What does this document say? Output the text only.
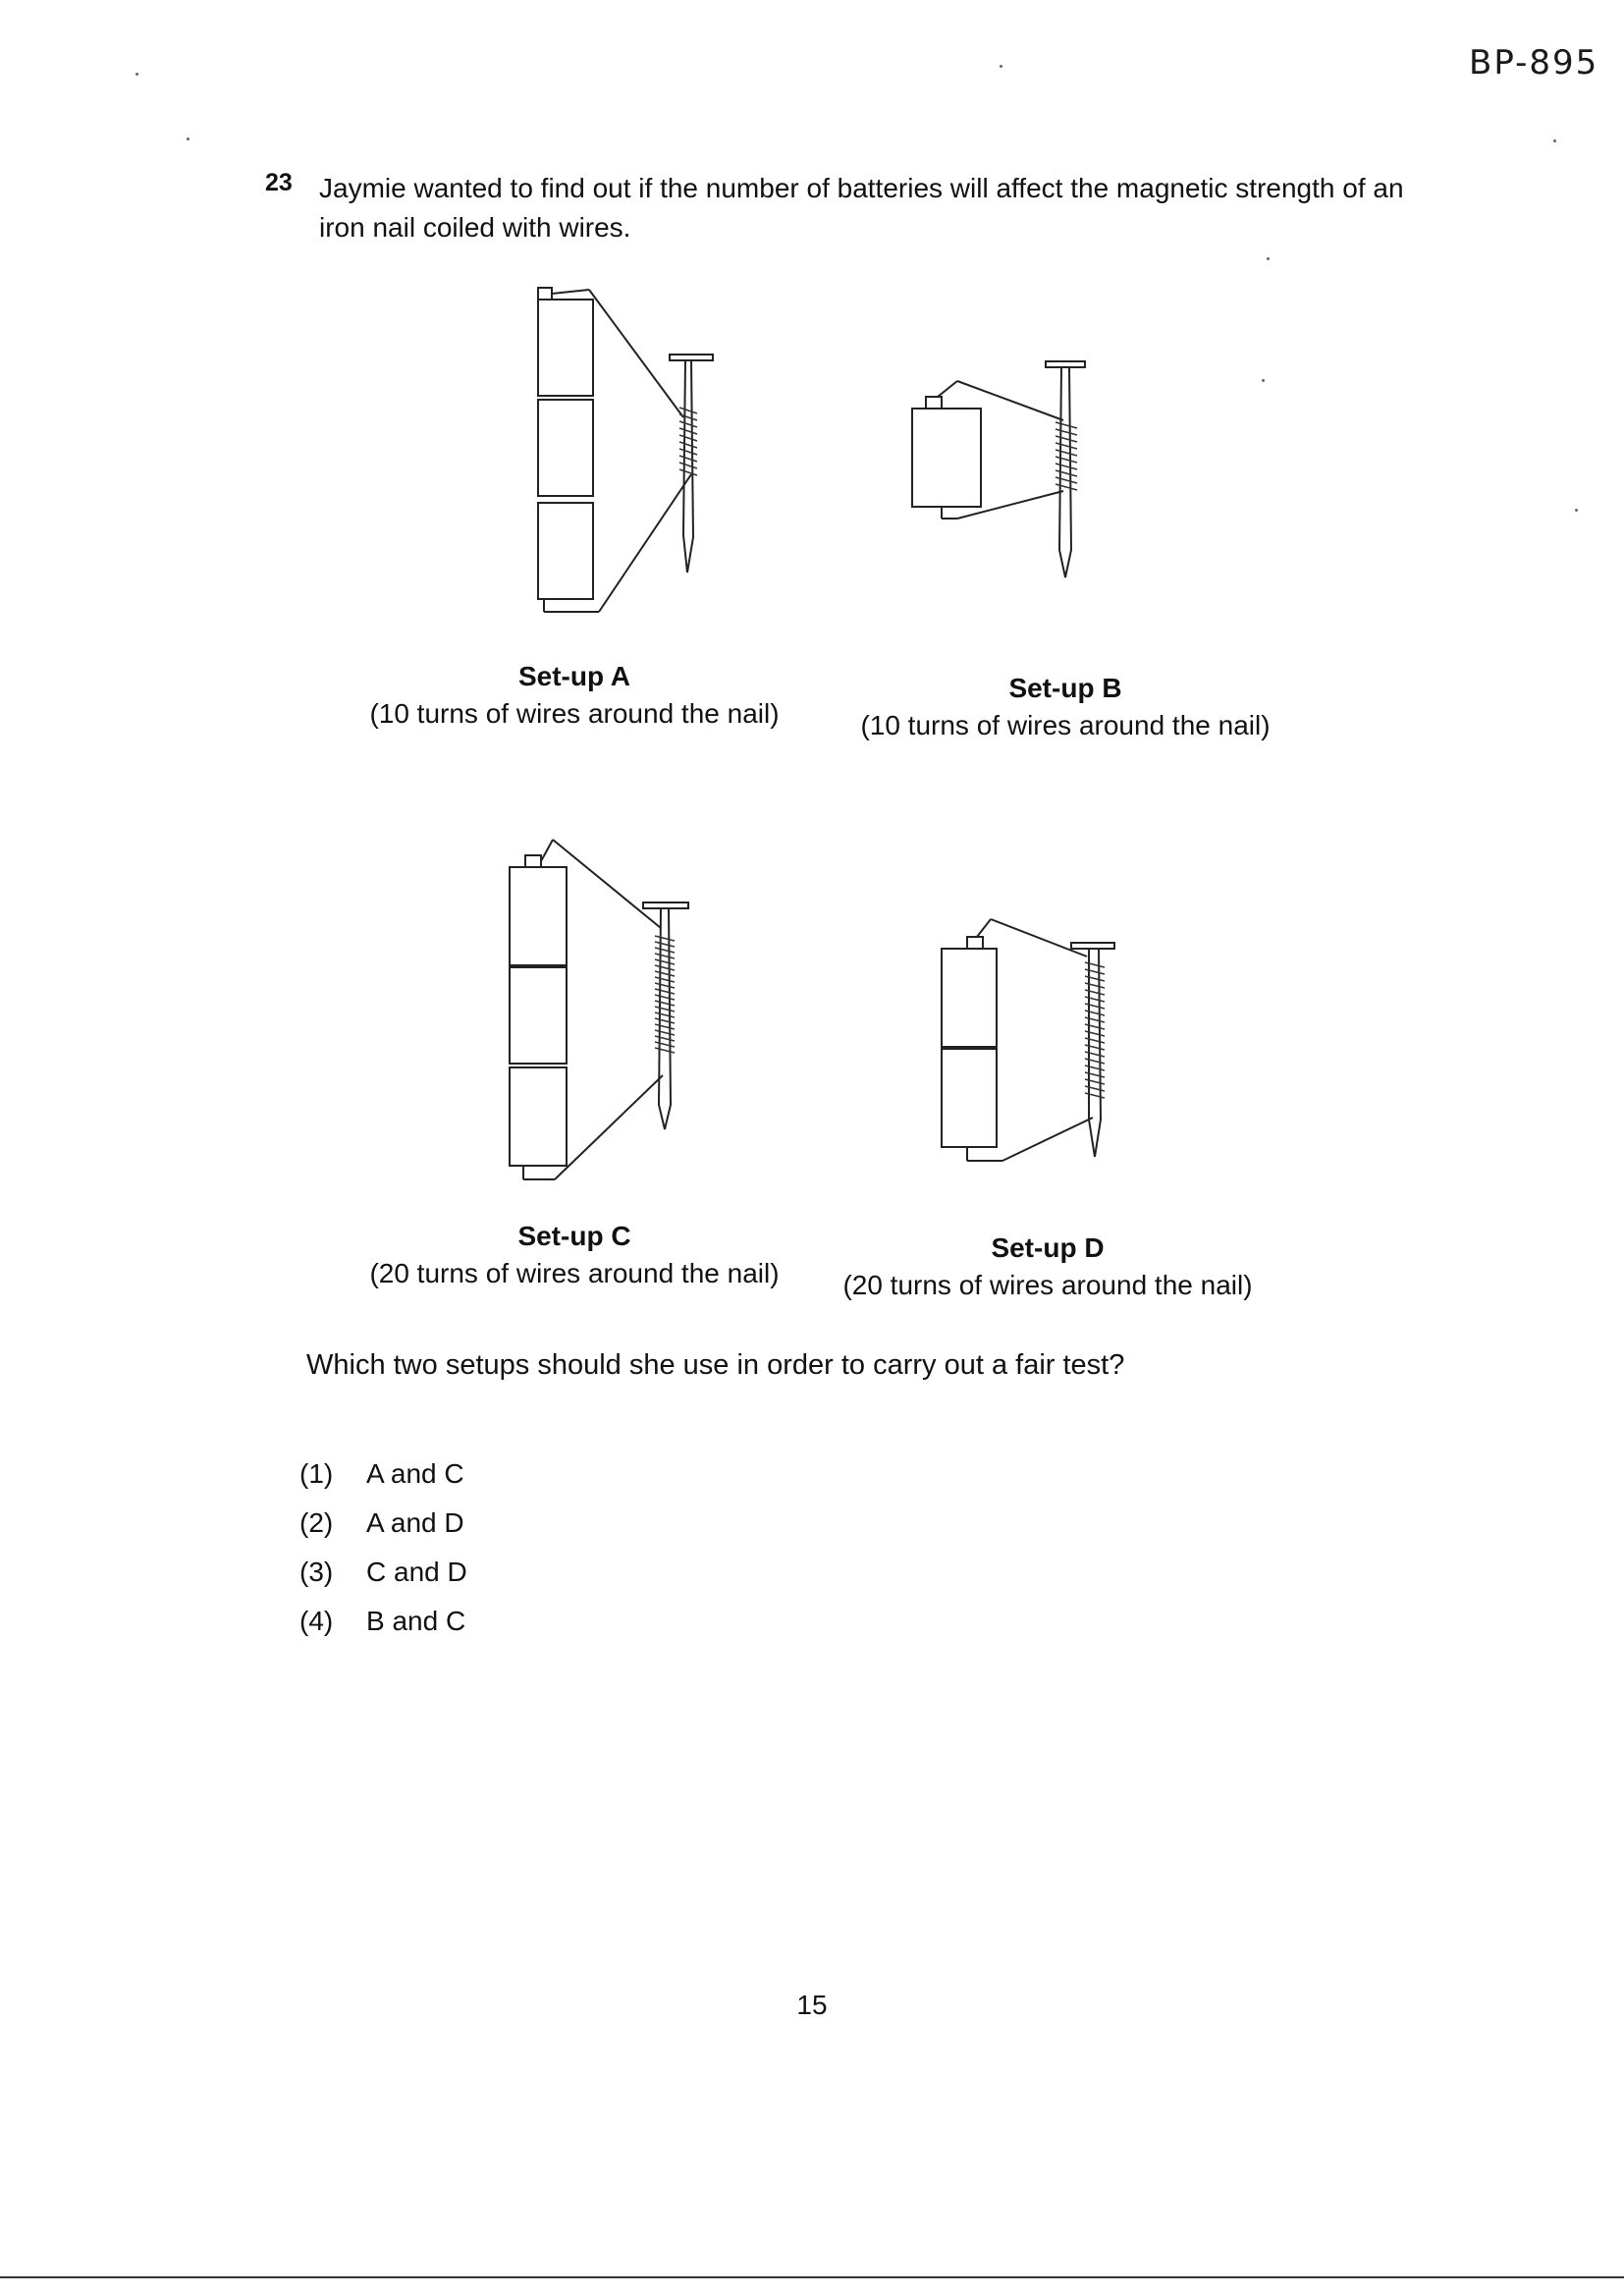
BP-895
23 Jaymie wanted to find out if the number of batteries will affect the magnetic strength of an iron nail coiled with wires.
Set-up A
(10 turns of wires around the nail)
Set-up B
(10 turns of wires around the nail)
Set-up C
(20 turns of wires around the nail)
Set-up D
(20 turns of wires around the nail)
Which two setups should she use in order to carry out a fair test?
(1)	A and C
(2)	A and D
(3)	C and D
(4)	B and C
15
